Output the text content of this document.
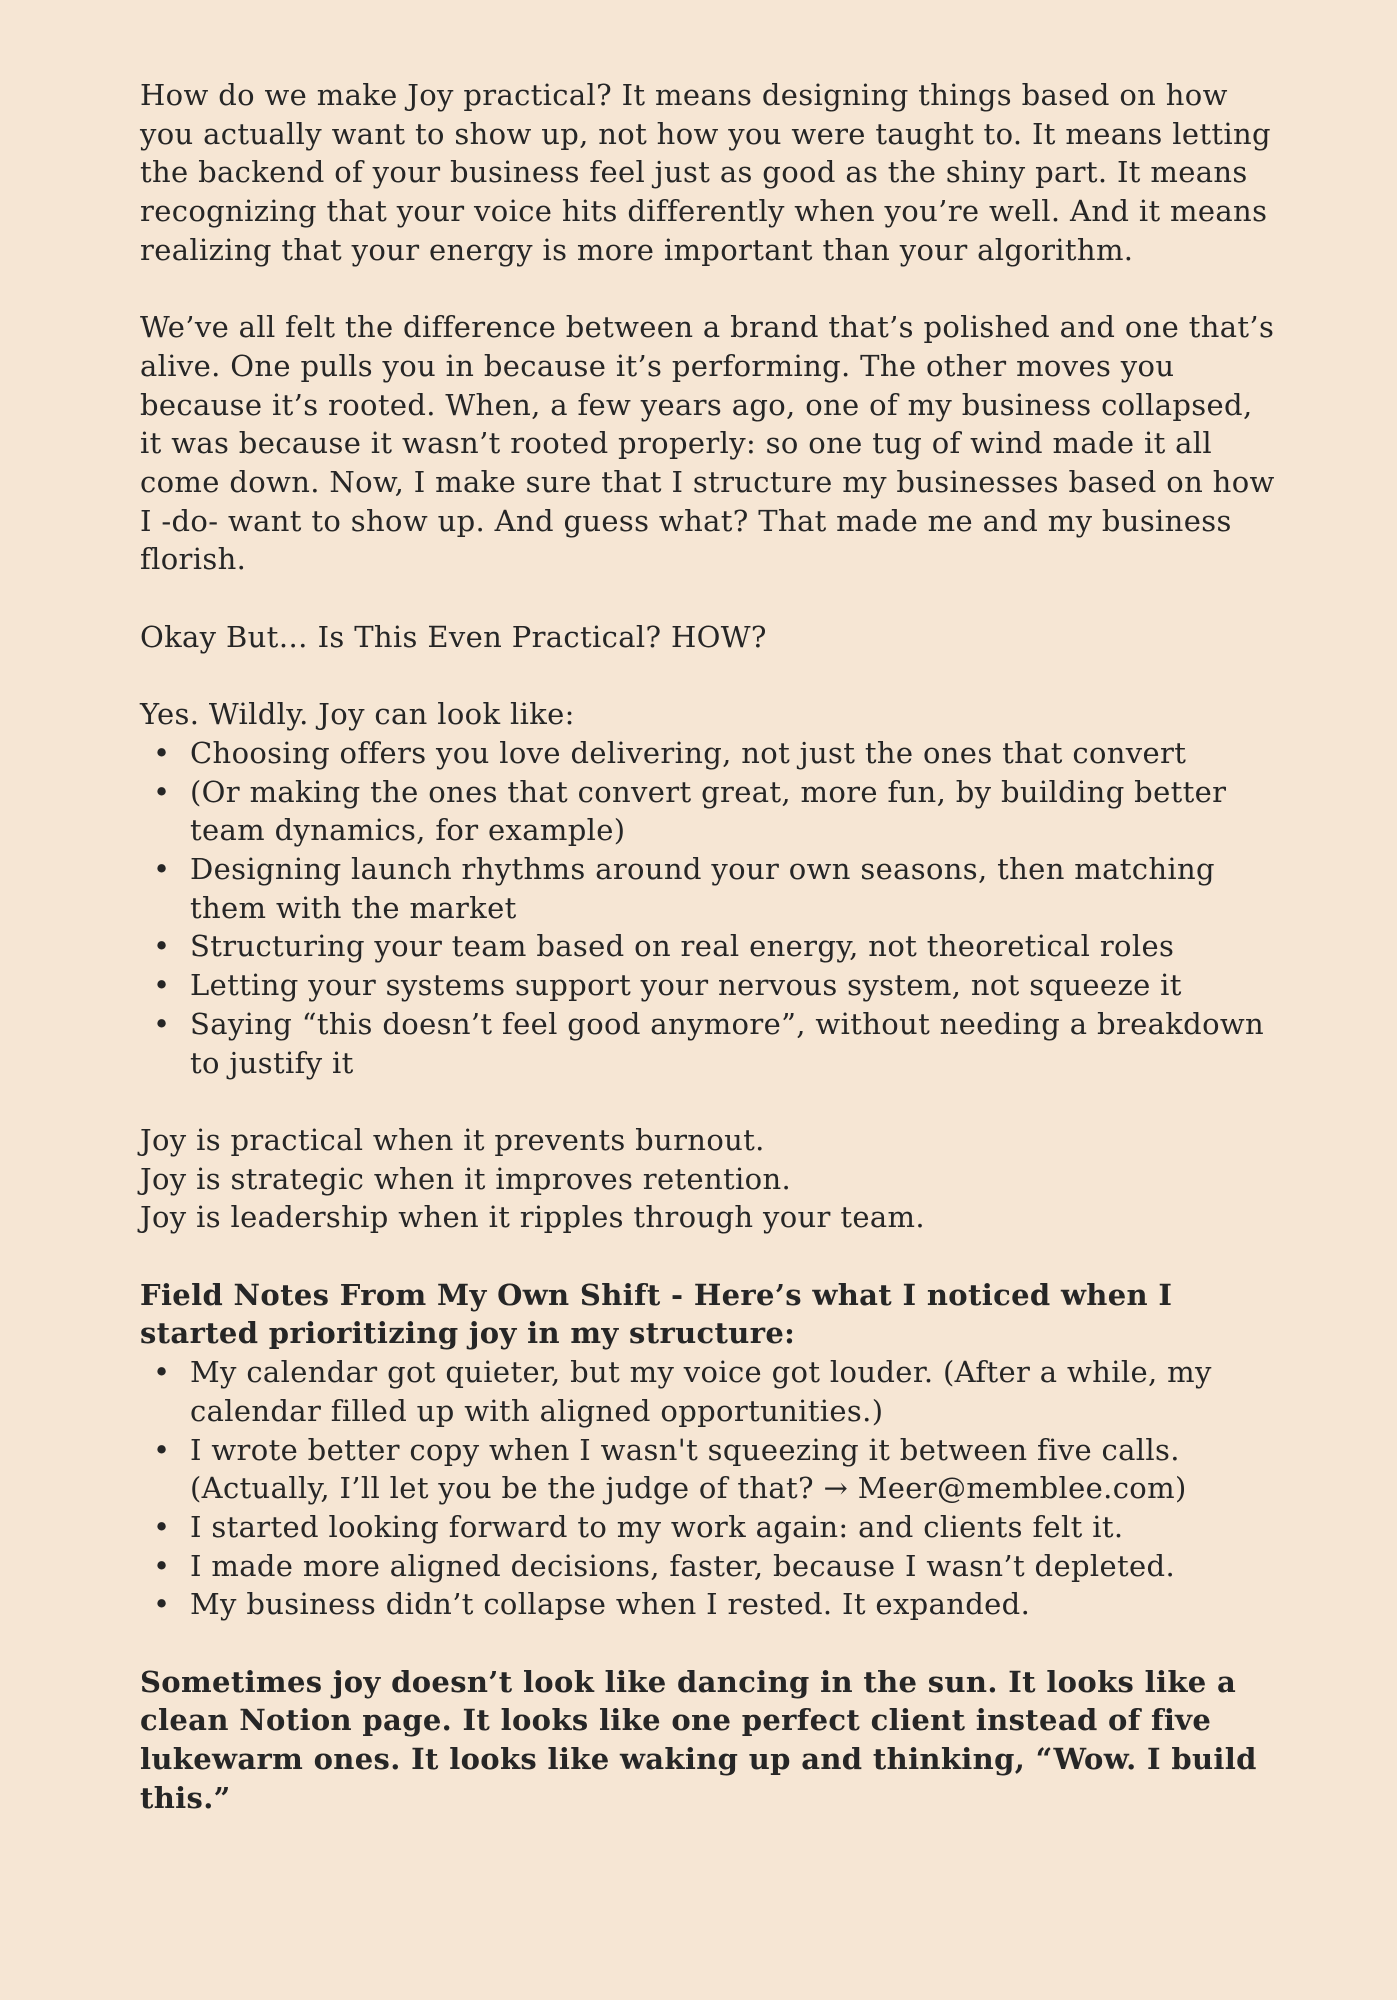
How do we make Joy practical? It means designing things based on how you actually want to show up, not how you were taught to. It means letting the backend of your business feel just as good as the shiny part. It means recognizing that your voice hits differently when you’re well. And it means realizing that your energy is more important than your algorithm.

We’ve all felt the difference between a brand that’s polished and one that’s alive. One pulls you in because it’s performing. The other moves you because it’s rooted. When, a few years ago, one of my business collapsed, it was because it wasn’t rooted properly: so one tug of wind made it all come down. Now, I make sure that I structure my businesses based on how I -do- want to show up. And guess what? That made me and my business florish.

Okay But… Is This Even Practical? HOW?

Yes. Wildly. Joy can look like:

• Choosing offers you love delivering, not just the ones that convert
• (Or making the ones that convert great, more fun, by building better team dynamics, for example)
• Designing launch rhythms around your own seasons, then matching them with the market
• Structuring your team based on real energy, not theoretical roles
• Letting your systems support your nervous system, not squeeze it
• Saying “this doesn’t feel good anymore”, without needing a breakdown to justify it

Joy is practical when it prevents burnout.

Joy is strategic when it improves retention.

Joy is leadership when it ripples through your team.

Field Notes From My Own Shift - Here’s what I noticed when I started prioritizing joy in my structure:

• My calendar got quieter, but my voice got louder. (After a while, my calendar filled up with aligned opportunities.)
• I wrote better copy when I wasn't squeezing it between five calls. (Actually, I’ll let you be the judge of that? → Meer@memblee.com)
• I started looking forward to my work again: and clients felt it.
• I made more aligned decisions, faster, because I wasn’t depleted.
• My business didn’t collapse when I rested. It expanded.

Sometimes joy doesn’t look like dancing in the sun. It looks like a clean Notion page. It looks like one perfect client instead of five lukewarm ones. It looks like waking up and thinking, “Wow. I build this.”
